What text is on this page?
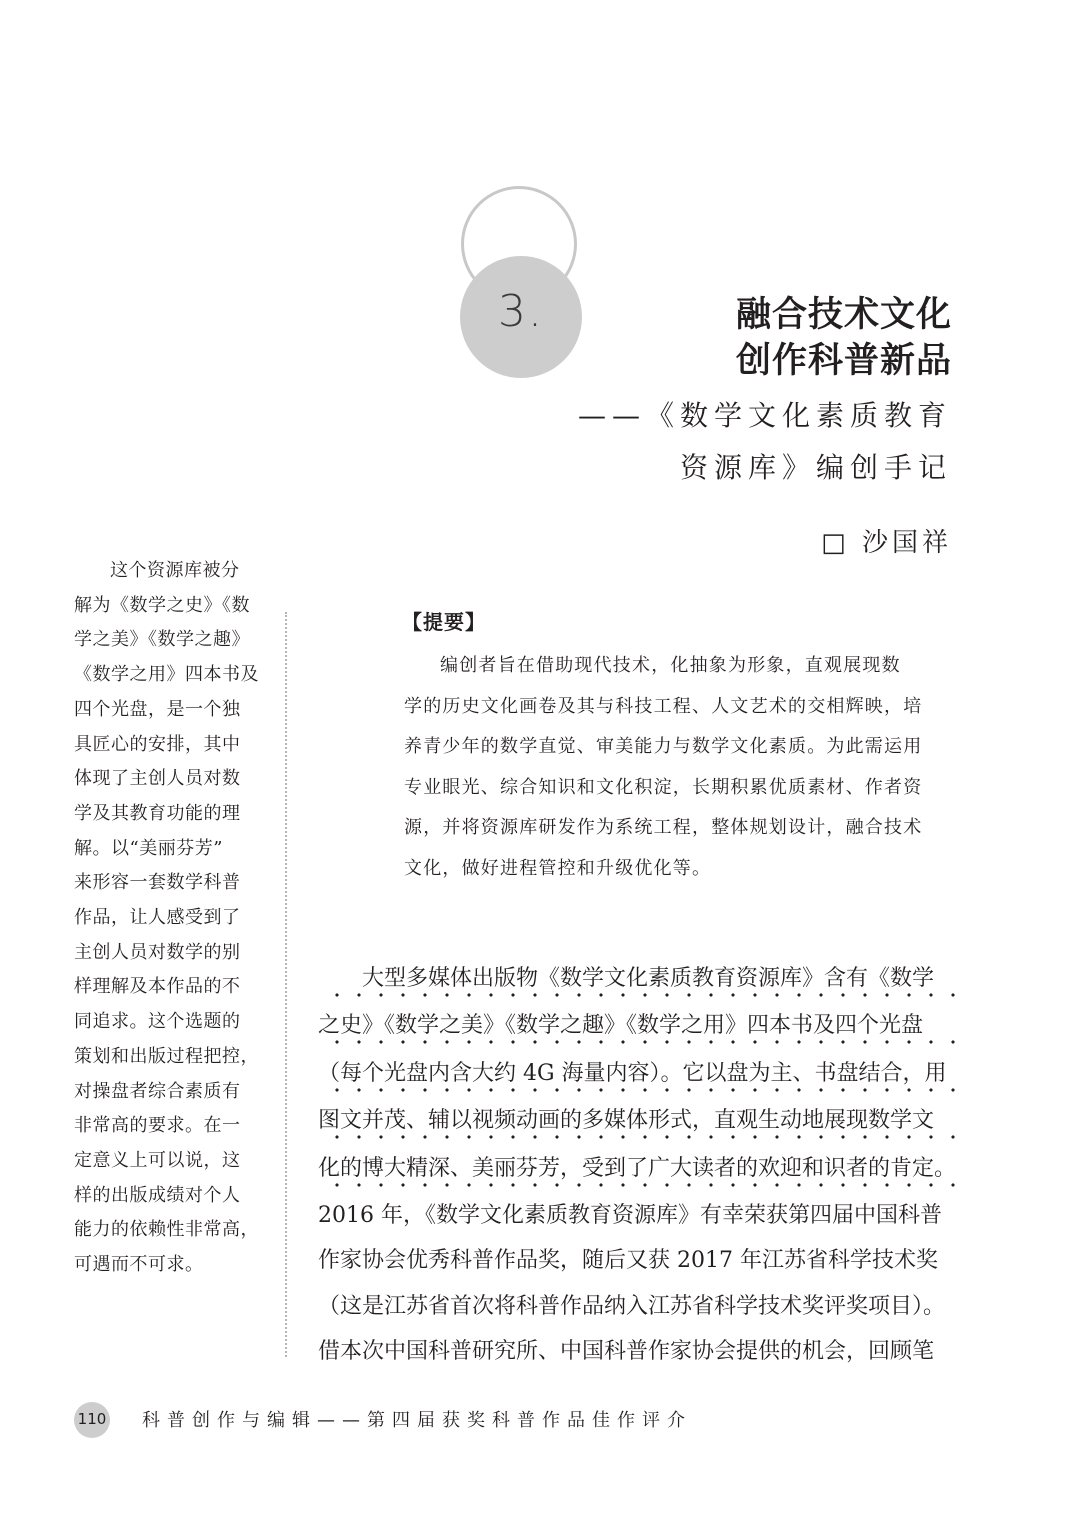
3.	融合技术文化
创作科普新品
——《数学文化素质教育
资源库》编创手记
□ 沙国祥
这个资源库被分
解为《数学之史》《数
学之美》《数学之趣》
《数学之用》四本书及
四个光盘，是一个独
具匠心的安排，其中
体现了主创人员对数
学及其教育功能的理
解。以“美丽芬芳”
来形容一套数学科普
作品，让人感受到了
主创人员对数学的别
样理解及本作品的不
同追求。这个选题的
策划和出版过程把控，
对操盘者综合素质有
非常高的要求。在一
定意义上可以说，这
样的出版成绩对个人
能力的依赖性非常高，
可遇而不可求。
【提要】
编创者旨在借助现代技术，化抽象为形象，直观展现数
学的历史文化画卷及其与科技工程、人文艺术的交相辉映，培
养青少年的数学直觉、审美能力与数学文化素质。为此需运用
专业眼光、综合知识和文化积淀，长期积累优质素材、作者资
源，并将资源库研发作为系统工程，整体规划设计，融合技术
文化，做好进程管控和升级优化等。
大型多媒体出版物《数学文化素质教育资源库》含有《数学
之史》《数学之美》《数学之趣》《数学之用》四本书及四个光盘
（每个光盘内含大约 4G 海量内容）。它以盘为主、书盘结合，用
图文并茂、辅以视频动画的多媒体形式，直观生动地展现数学文
化的博大精深、美丽芬芳，受到了广大读者的欢迎和识者的肯定。
2016 年，《数学文化素质教育资源库》有幸荣获第四届中国科普
作家协会优秀科普作品奖，随后又获 2017 年江苏省科学技术奖
（这是江苏省首次将科普作品纳入江苏省科学技术奖评奖项目）。
借本次中国科普研究所、中国科普作家协会提供的机会，回顾笔
110 科普创作与编辑——第四届获奖科普作品佳作评介
